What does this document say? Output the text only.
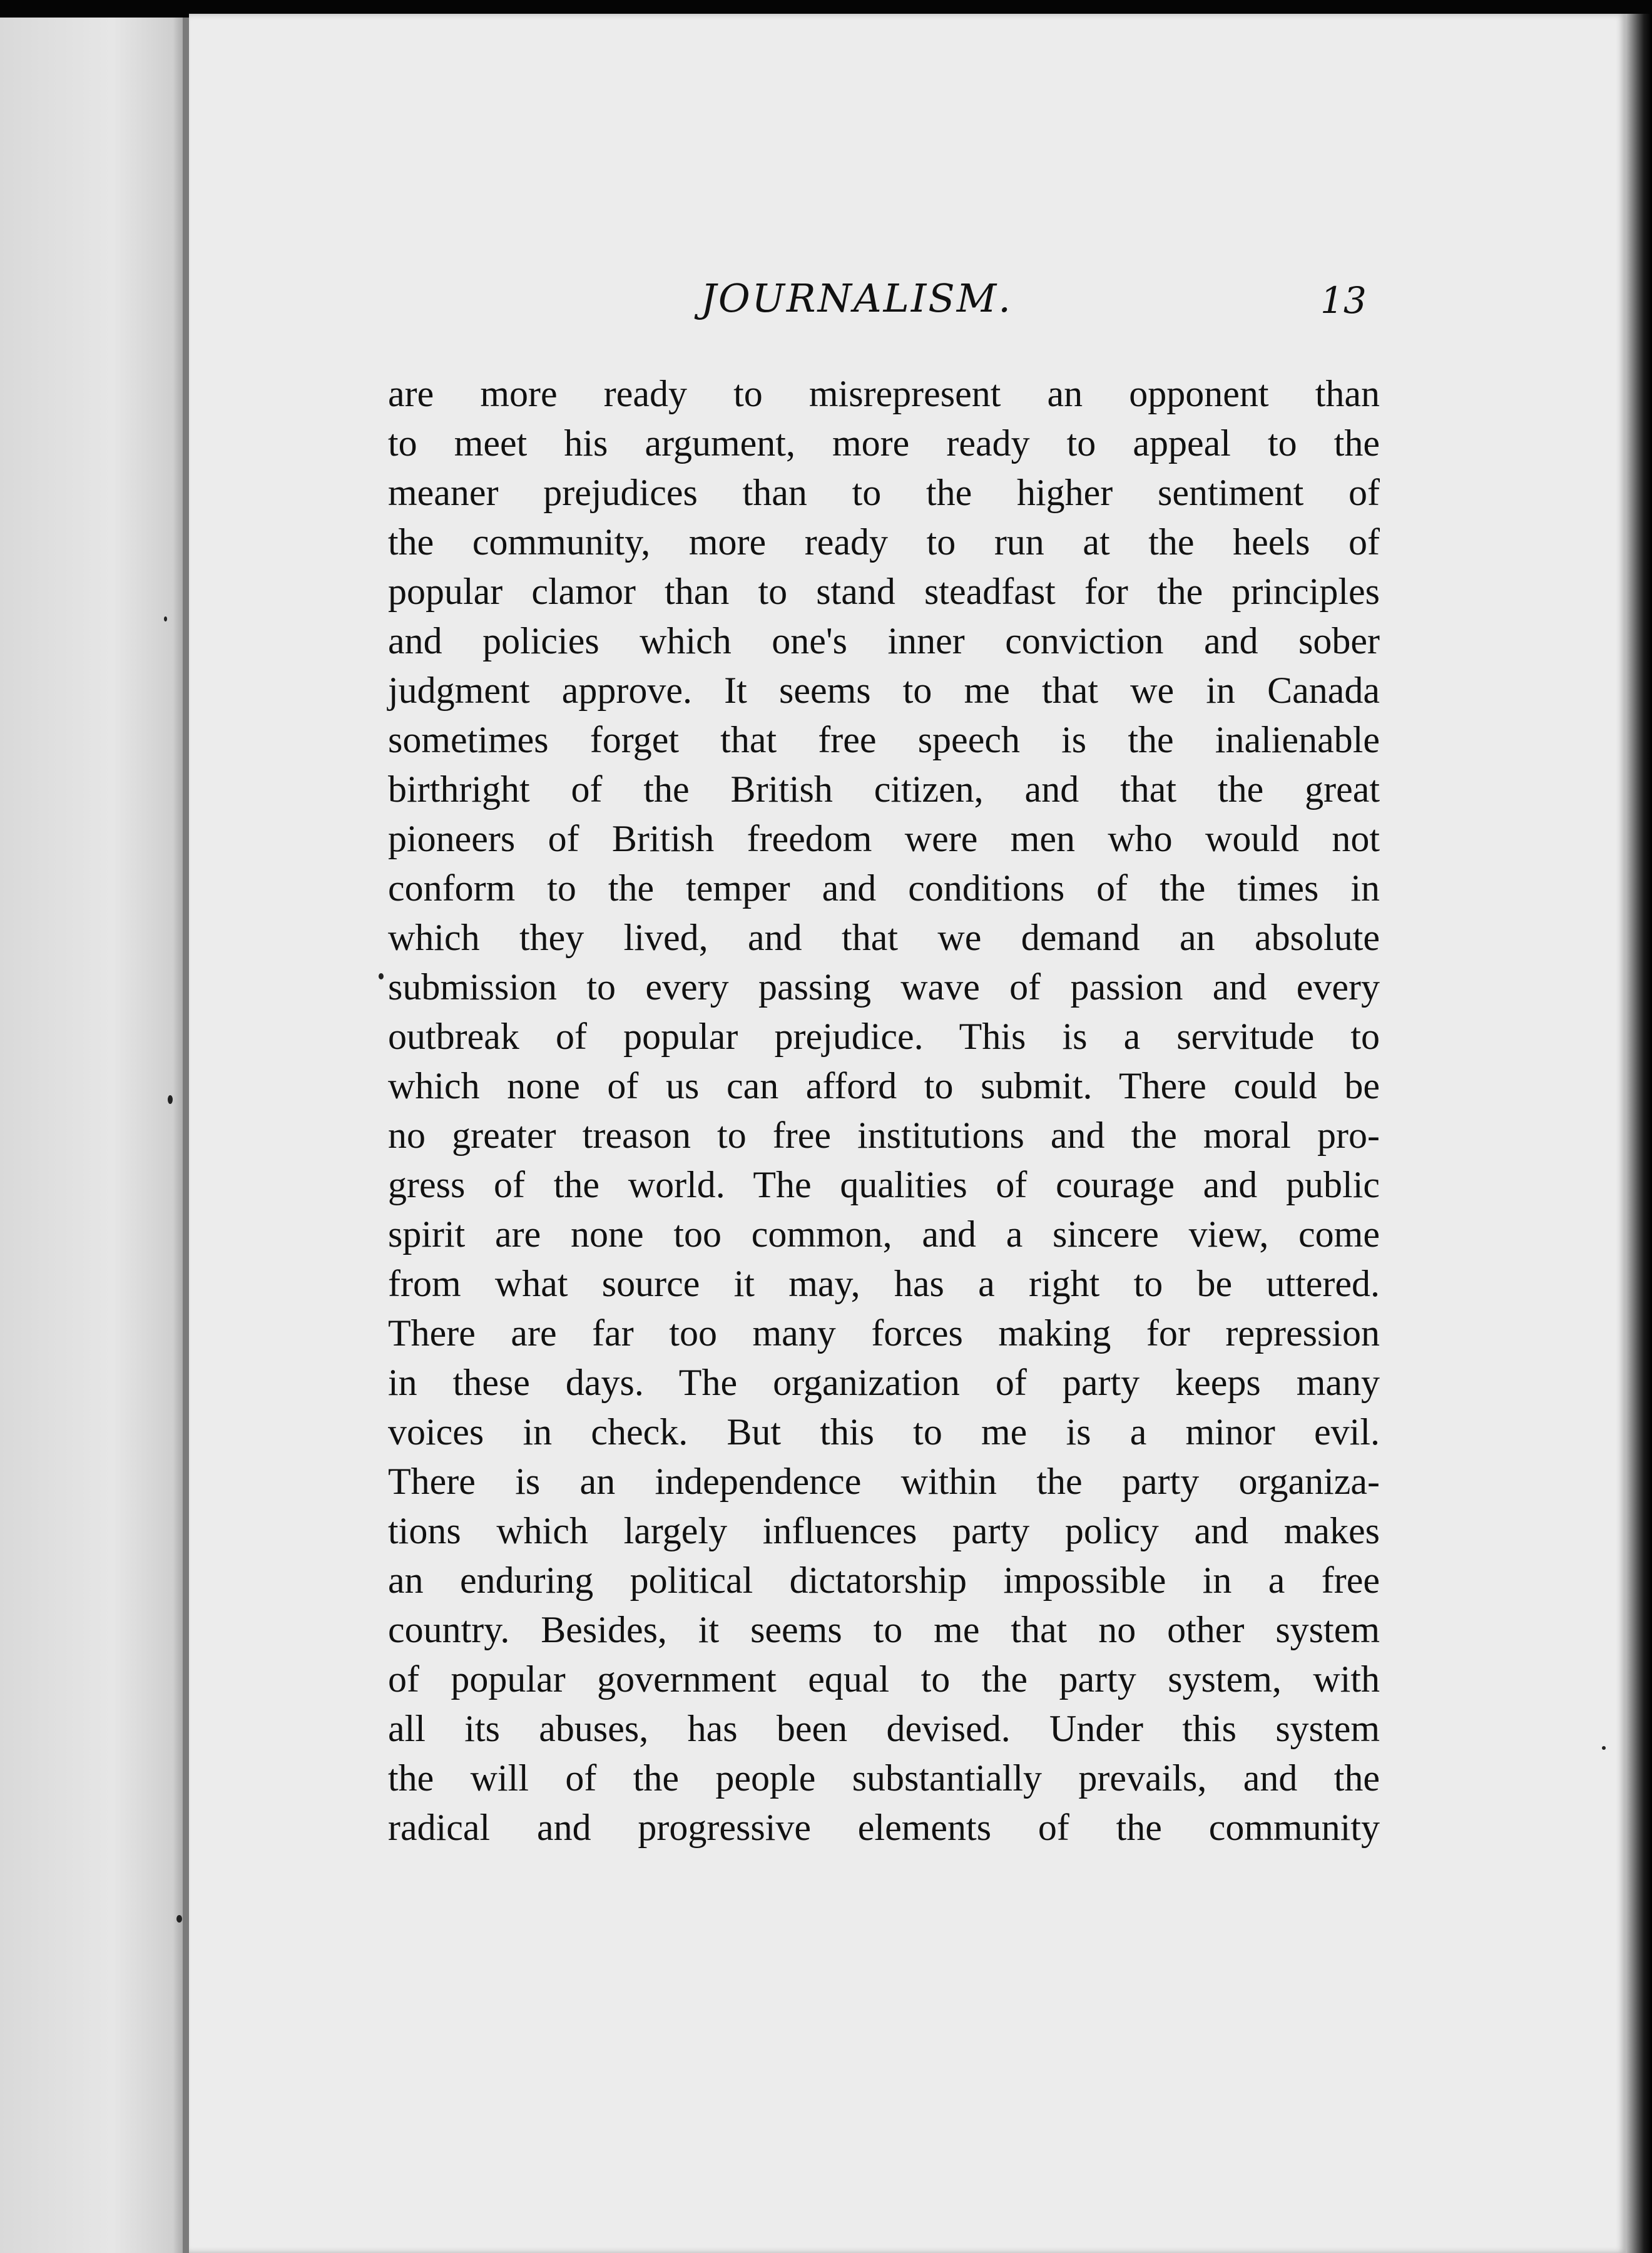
JOURNALISM.	13
are more ready to misrepresent an opponent than
to meet his argument, more ready to appeal to the
meaner prejudices than to the higher sentiment of
the community, more ready to run at the heels of
popular clamor than to stand steadfast for the principles
and policies which one's inner conviction and sober
judgment approve. It seems to me that we in Canada
sometimes forget that free speech is the inalienable
birthright of the British citizen, and that the great
pioneers of British freedom were men who would not
conform to the temper and conditions of the times in
which they lived, and that we demand an absolute
submission to every passing wave of passion and every
outbreak of popular prejudice. This is a servitude to
which none of us can afford to submit. There could be
no greater treason to free institutions and the moral pro-
gress of the world. The qualities of courage and public
spirit are none too common, and a sincere view, come
from what source it may, has a right to be uttered.
There are far too many forces making for repression
in these days. The organization of party keeps many
voices in check. But this to me is a minor evil.
There is an independence within the party organiza-
tions which largely influences party policy and makes
an enduring political dictatorship impossible in a free
country. Besides, it seems to me that no other system
of popular government equal to the party system, with
all its abuses, has been devised. Under this system
the will of the people substantially prevails, and the
radical and progressive elements of the community
